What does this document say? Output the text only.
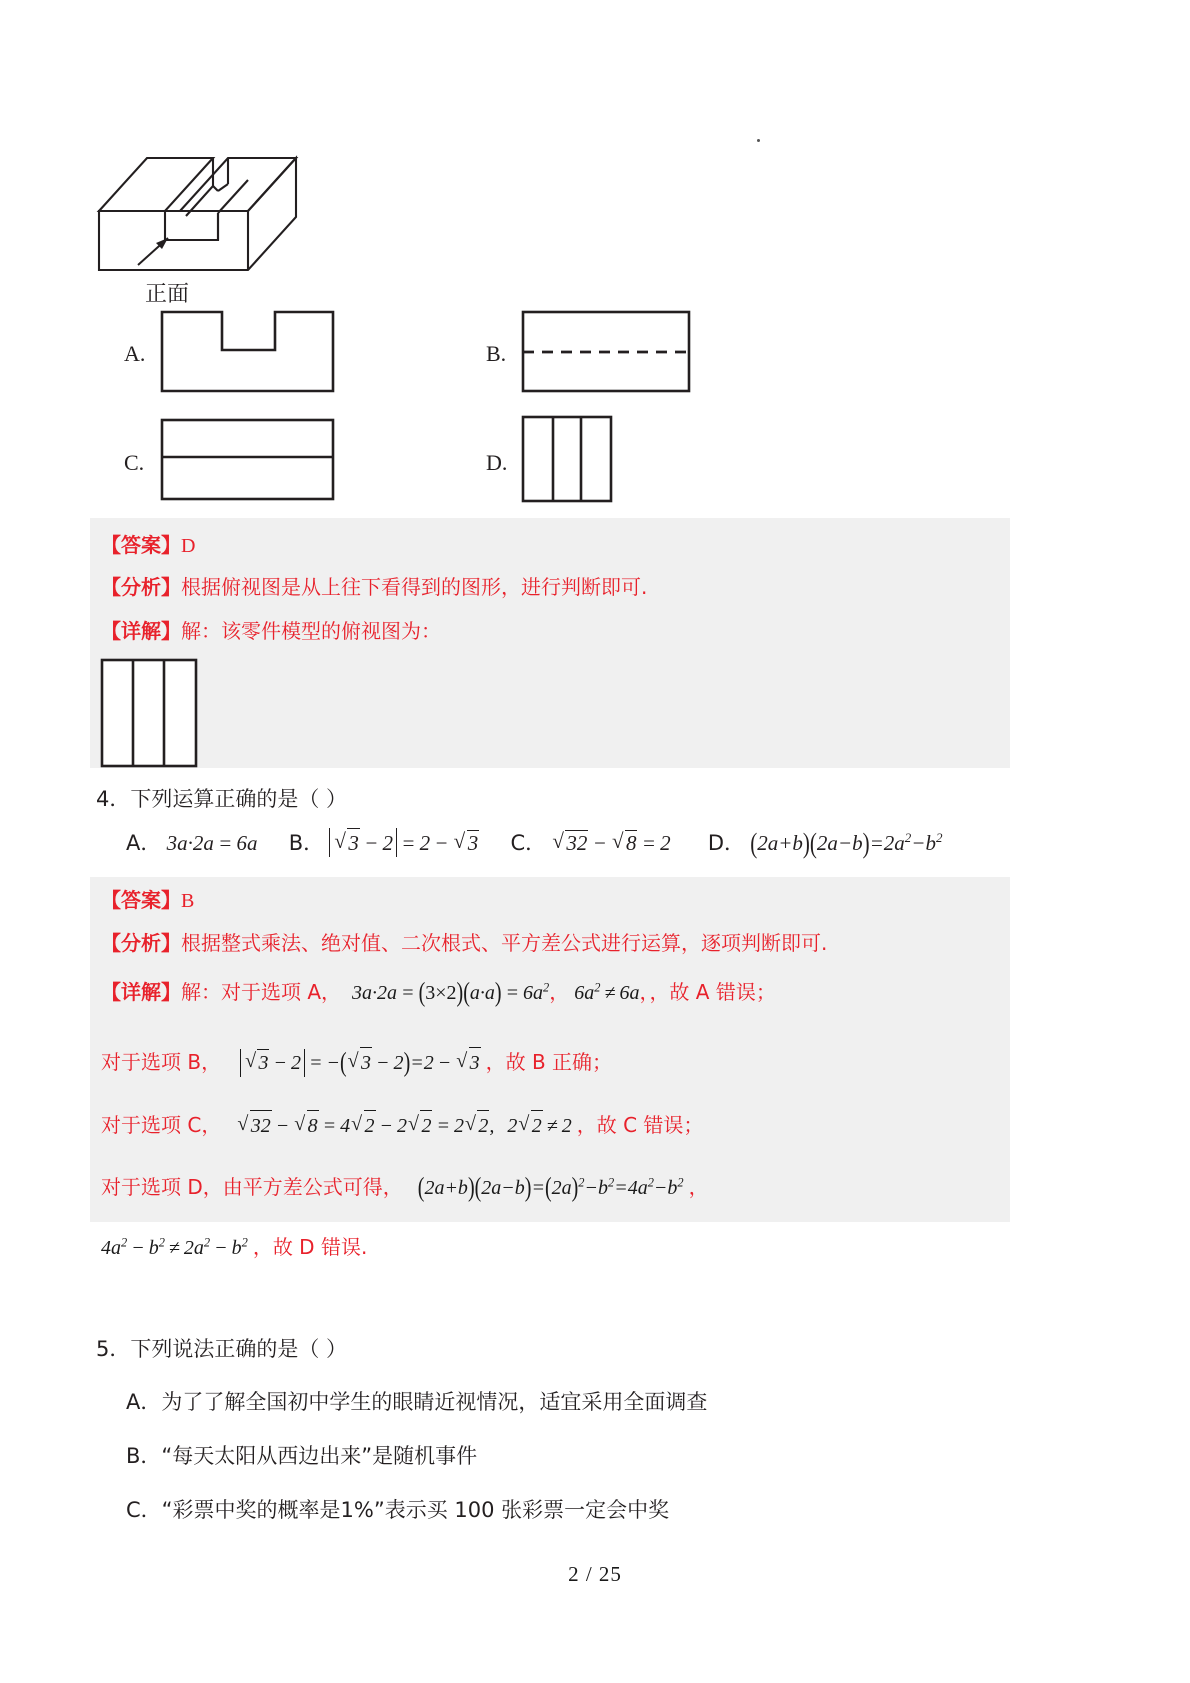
正面
A.	B.
C.	D.
【答案】D
【分析】根据俯视图是从上往下看得到的图形，进行判断即可.
【详解】解：该零件模型的俯视图为：
4．下列运算正确的是（ ）
A． 3a·2a = 6a B． √ 3 − 2 = 2 − √ 3 C． √ 32 − √ 8 = 2 D． $(2a+b)(2a-b)=2a^2-b^2$
【答案】B
【分析】根据整式乘法、绝对值、二次根式、平方差公式进行运算，逐项判断即可.
【详解】解：对于选项 A， $3a\cdot 2a = (3\times 2)(a\cdot a) = 6a^2$， $6a^2 \ne 6a$，，故 A 错误；
对于选项 B， √ 3 − 2 = −( √ 3 − 2)=2 − √ 3 ，故 B 正确；
对于选项 C， √ 32 − √ 8 = 4 √ 2 − 2 √ 2 = 2 √ 2, 2 √ 2 ≠ 2 ，故 C 错误；
对于选项 D，由平方差公式可得， $(2a+b)(2a-b)=(2a)^2-b^2=4a^2-b^2$ ，
$4a^2 - b^2 \ne 2a^2 - b^2$ ，故 D 错误.
5．下列说法正确的是（ ）
A．为了了解全国初中学生的眼睛近视情况，适宜采用全面调查
B．“每天太阳从西边出来”是随机事件
C．“彩票中奖的概率是1%”表示买 100 张彩票一定会中奖
2 / 25
